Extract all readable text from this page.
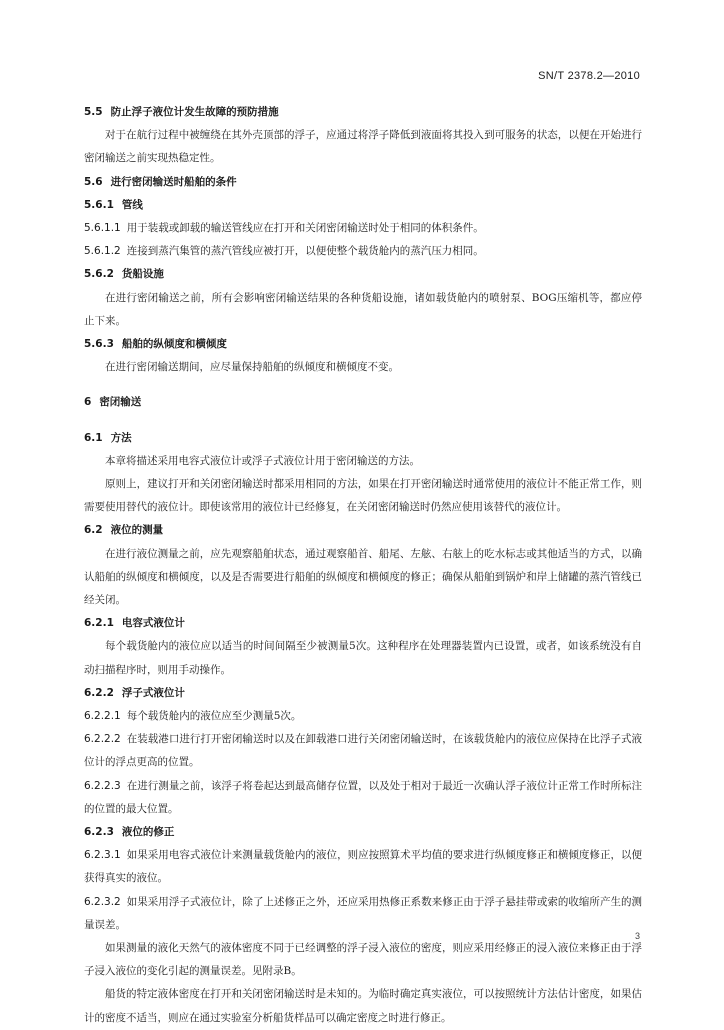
SN/T 2378.2—2010
5.5 防止浮子液位计发生故障的预防措施
对于在航行过程中被缠绕在其外壳顶部的浮子，应通过将浮子降低到液面将其投入到可服务的状态，以便在开始进行密闭输送之前实现热稳定性。
5.6 进行密闭输送时船舶的条件
5.6.1 管线
5.6.1.1 用于装载或卸载的输送管线应在打开和关闭密闭输送时处于相同的体积条件。
5.6.1.2 连接到蒸汽集管的蒸汽管线应被打开，以便使整个载货舱内的蒸汽压力相同。
5.6.2 货船设施
在进行密闭输送之前，所有会影响密闭输送结果的各种货船设施，诸如载货舱内的喷射泵、BOG压缩机等，都应停止下来。
5.6.3 船舶的纵倾度和横倾度
在进行密闭输送期间，应尽量保持船舶的纵倾度和横倾度不变。
6 密闭输送
6.1 方法
本章将描述采用电容式液位计或浮子式液位计用于密闭输送的方法。
原则上，建议打开和关闭密闭输送时都采用相同的方法，如果在打开密闭输送时通常使用的液位计不能正常工作，则需要使用替代的液位计。即使该常用的液位计已经修复，在关闭密闭输送时仍然应使用该替代的液位计。
6.2 液位的测量
在进行液位测量之前，应先观察船舶状态，通过观察船首、船尾、左舷、右舷上的吃水标志或其他适当的方式，以确认船舶的纵倾度和横倾度，以及是否需要进行船舶的纵倾度和横倾度的修正；确保从船舶到锅炉和岸上储罐的蒸汽管线已经关闭。
6.2.1 电容式液位计
每个载货舱内的液位应以适当的时间间隔至少被测量5次。这种程序在处理器装置内已设置，或者，如该系统没有自动扫描程序时，则用手动操作。
6.2.2 浮子式液位计
6.2.2.1 每个载货舱内的液位应至少测量5次。
6.2.2.2 在装载港口进行打开密闭输送时以及在卸载港口进行关闭密闭输送时，在该载货舱内的液位应保持在比浮子式液位计的浮点更高的位置。
6.2.2.3 在进行测量之前，该浮子将卷起达到最高储存位置，以及处于相对于最近一次确认浮子液位计正常工作时所标注的位置的最大位置。
6.2.3 液位的修正
6.2.3.1 如果采用电容式液位计来测量载货舱内的液位，则应按照算术平均值的要求进行纵倾度修正和横倾度修正，以便获得真实的液位。
6.2.3.2 如果采用浮子式液位计，除了上述修正之外，还应采用热修正系数来修正由于浮子悬挂带或索的收缩所产生的测量误差。
如果测量的液化天然气的液体密度不同于已经调整的浮子浸入液位的密度，则应采用经修正的浸入液位来修正由于浮子浸入液位的变化引起的测量误差。见附录B。
船货的特定液体密度在打开和关闭密闭输送时是未知的。为临时确定真实液位，可以按照统计方法估计密度，如果估计的密度不适当，则应在通过实验室分析船货样品可以确定密度之时进行修正。
3
